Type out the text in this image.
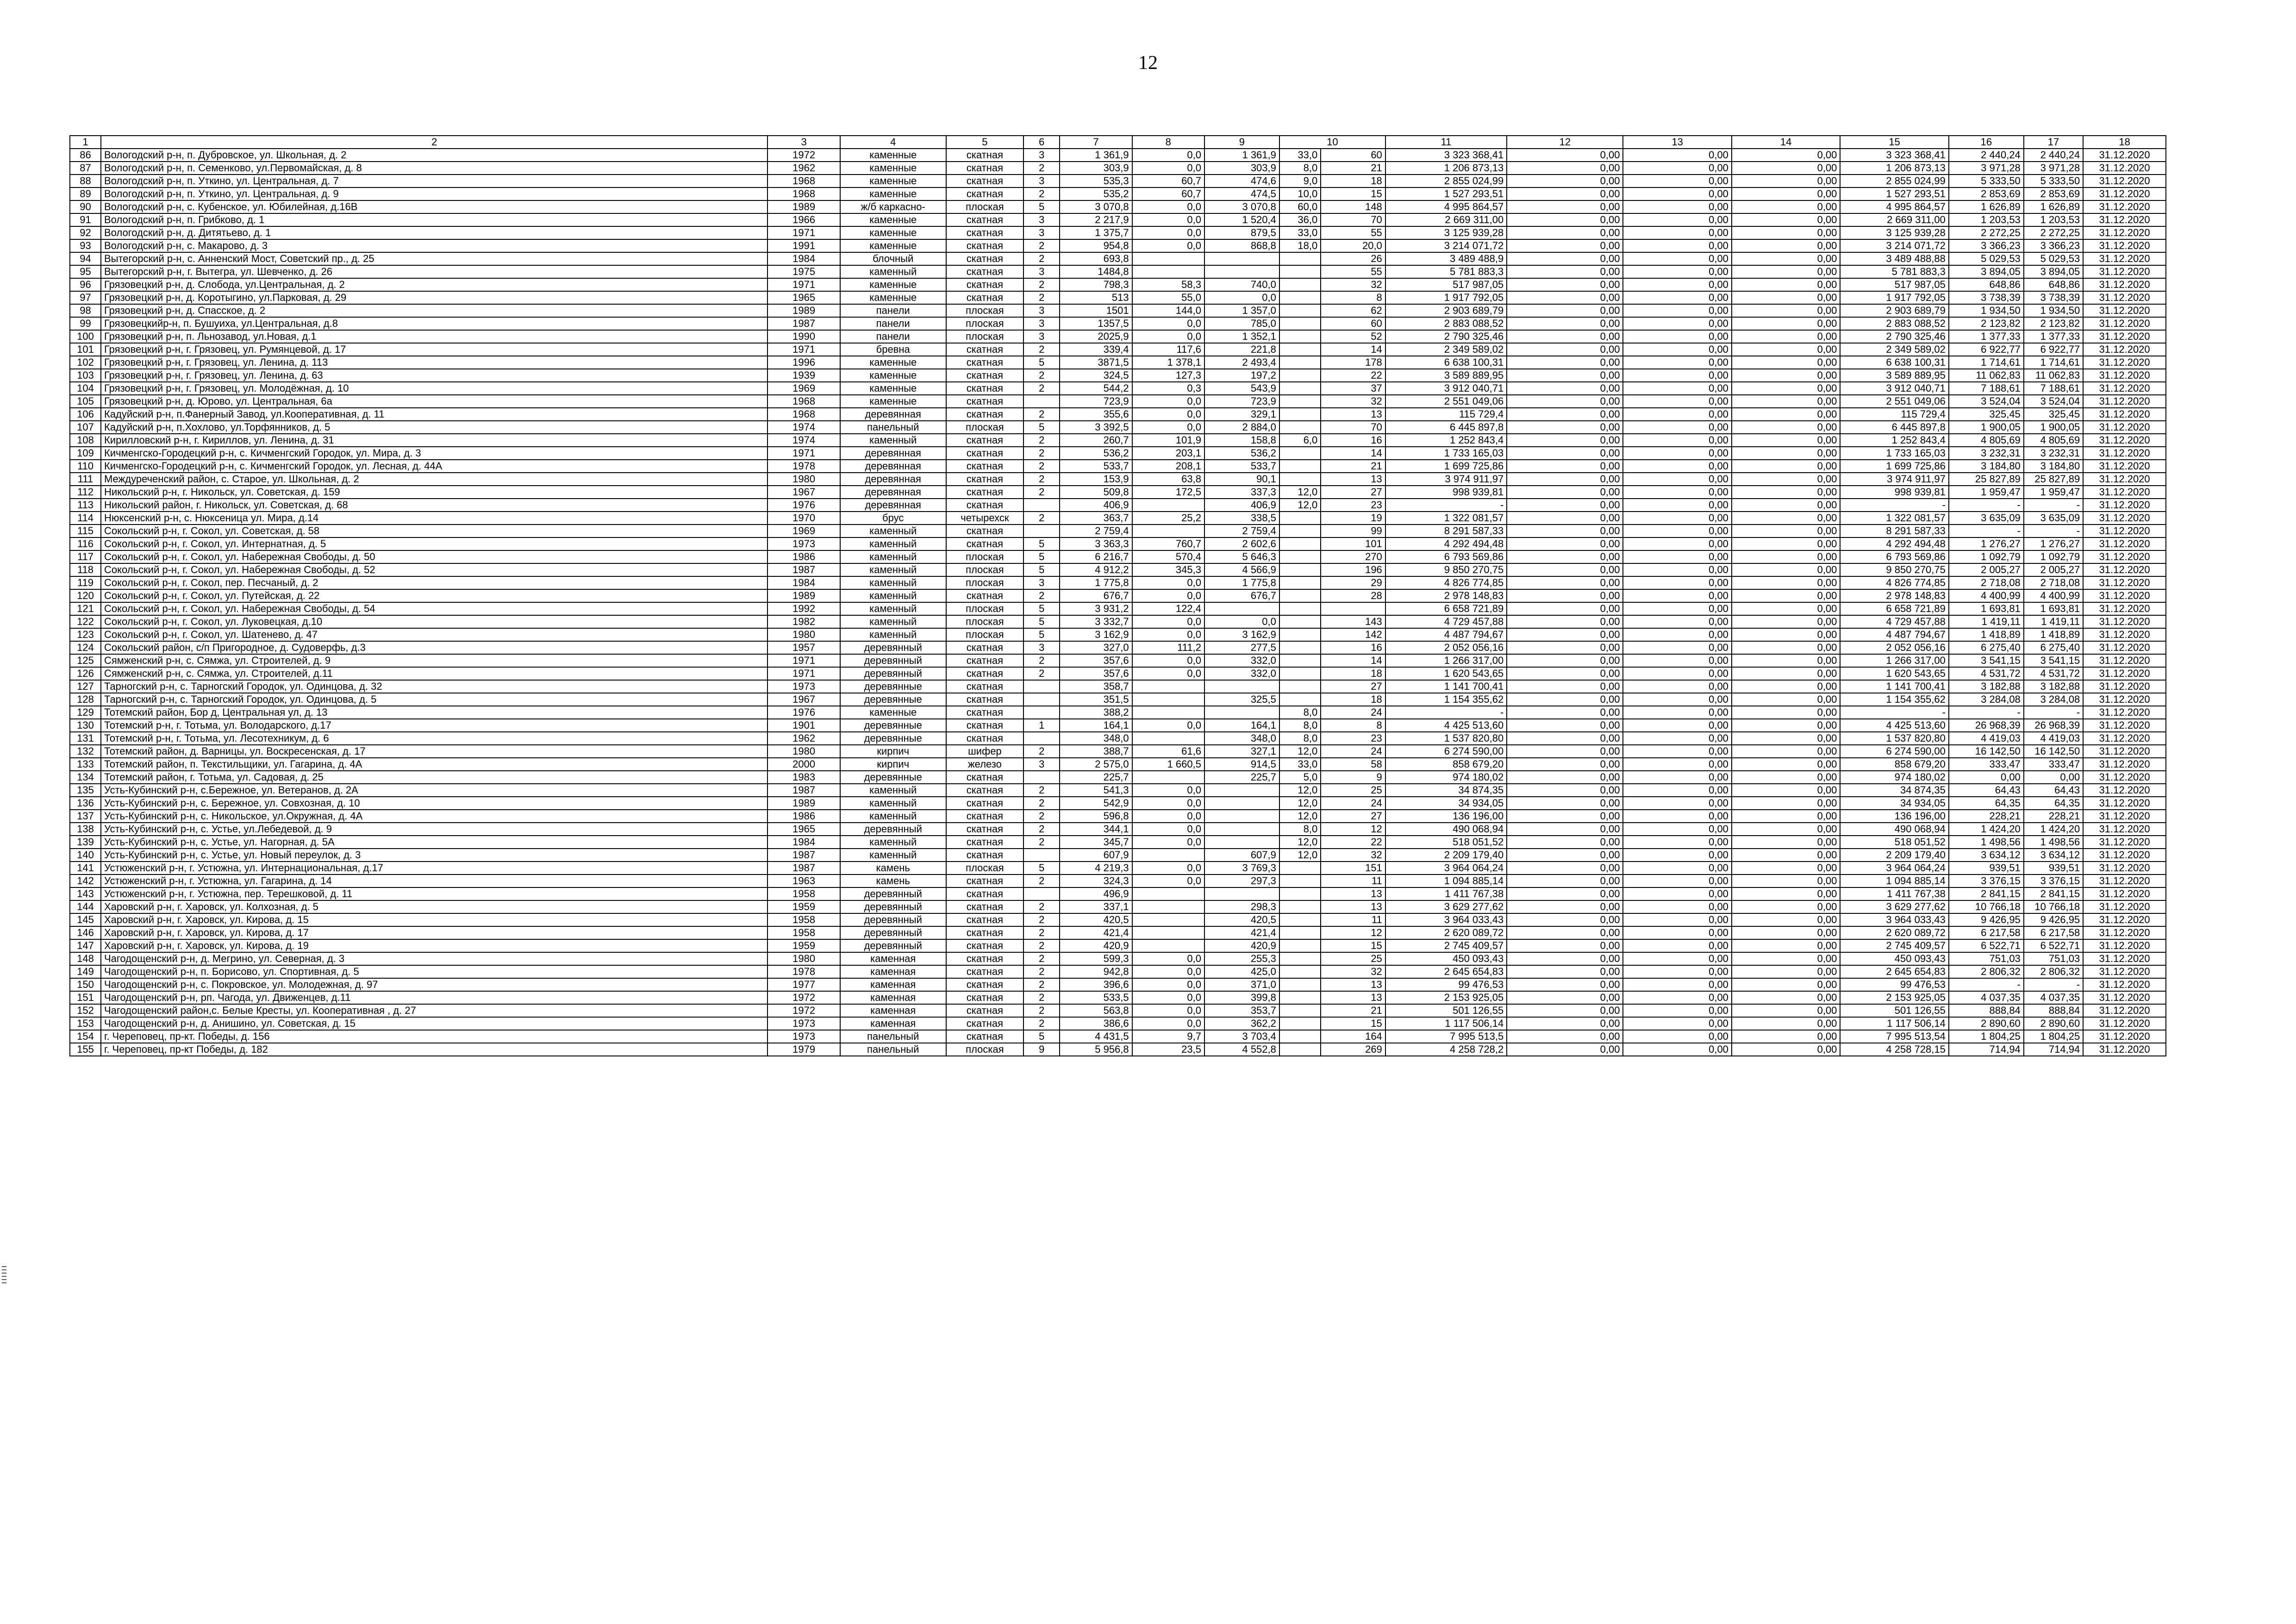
12
1	2	3	4	5	6	7	8	9	10		11	12	13	14	15	16	17	18
86	Вологодский р-н, п. Дубровское, ул. Школьная, д. 2	1972	каменные	скатная	3	1 361,9	0,0	1 361,9	33,0	60	3 323 368,41	0,00	0,00	0,00	3 323 368,41	2 440,24	2 440,24	31.12.2020
87	Вологодский р-н, п. Семенково, ул.Первомайская, д. 8	1962	каменные	скатная	2	303,9	0,0	303,9	8,0	21	1 206 873,13	0,00	0,00	0,00	1 206 873,13	3 971,28	3 971,28	31.12.2020
88	Вологодский р-н, п. Уткино, ул. Центральная, д. 7	1968	каменные	скатная	3	535,3	60,7	474,6	9,0	18	2 855 024,99	0,00	0,00	0,00	2 855 024,99	5 333,50	5 333,50	31.12.2020
89	Вологодский р-н, п. Уткино, ул. Центральная, д. 9	1968	каменные	скатная	2	535,2	60,7	474,5	10,0	15	1 527 293,51	0,00	0,00	0,00	1 527 293,51	2 853,69	2 853,69	31.12.2020
90	Вологодский р-н, с. Кубенское, ул. Юбилейная, д.16В	1989	ж/б каркасно-	плоская	5	3 070,8	0,0	3 070,8	60,0	148	4 995 864,57	0,00	0,00	0,00	4 995 864,57	1 626,89	1 626,89	31.12.2020
91	Вологодский р-н, п. Грибково, д. 1	1966	каменные	скатная	3	2 217,9	0,0	1 520,4	36,0	70	2 669 311,00	0,00	0,00	0,00	2 669 311,00	1 203,53	1 203,53	31.12.2020
92	Вологодский р-н, д. Дитятьево, д. 1	1971	каменные	скатная	3	1 375,7	0,0	879,5	33,0	55	3 125 939,28	0,00	0,00	0,00	3 125 939,28	2 272,25	2 272,25	31.12.2020
93	Вологодский р-н, с. Макарово, д. 3	1991	каменные	скатная	2	954,8	0,0	868,8	18,0	20,0	3 214 071,72	0,00	0,00	0,00	3 214 071,72	3 366,23	3 366,23	31.12.2020
94	Вытегорский р-н, с. Анненский Мост, Советский пр., д. 25	1984	блочный	скатная	2	693,8				26	3 489 488,9	0,00	0,00	0,00	3 489 488,88	5 029,53	5 029,53	31.12.2020
95	Вытегорский р-н, г. Вытегра, ул. Шевченко, д. 26	1975	каменный	скатная	3	1484,8				55	5 781 883,3	0,00	0,00	0,00	5 781 883,3	3 894,05	3 894,05	31.12.2020
96	Грязовецкий р-н, д. Слобода, ул.Центральная, д. 2	1971	каменные	скатная	2	798,3	58,3	740,0		32	517 987,05	0,00	0,00	0,00	517 987,05	648,86	648,86	31.12.2020
97	Грязовецкий р-н, д. Коротыгино, ул.Парковая, д. 29	1965	каменные	скатная	2	513	55,0	0,0		8	1 917 792,05	0,00	0,00	0,00	1 917 792,05	3 738,39	3 738,39	31.12.2020
98	Грязовецкий р-н, д. Спасское, д. 2	1989	панели	плоская	3	1501	144,0	1 357,0		62	2 903 689,79	0,00	0,00	0,00	2 903 689,79	1 934,50	1 934,50	31.12.2020
99	Грязовецкийр-н, п. Бушуиха, ул.Центральная, д.8	1987	панели	плоская	3	1357,5	0,0	785,0		60	2 883 088,52	0,00	0,00	0,00	2 883 088,52	2 123,82	2 123,82	31.12.2020
100	Грязовецкий р-н, п. Льнозавод, ул.Новая, д.1	1990	панели	плоская	3	2025,9	0,0	1 352,1		52	2 790 325,46	0,00	0,00	0,00	2 790 325,46	1 377,33	1 377,33	31.12.2020
101	Грязовецкий р-н, г. Грязовец, ул. Румянцевой, д. 17	1971	бревна	скатная	2	339,4	117,6	221,8		14	2 349 589,02	0,00	0,00	0,00	2 349 589,02	6 922,77	6 922,77	31.12.2020
102	Грязовецкий р-н, г. Грязовец, ул. Ленина, д. 113	1996	каменные	скатная	5	3871,5	1 378,1	2 493,4		178	6 638 100,31	0,00	0,00	0,00	6 638 100,31	1 714,61	1 714,61	31.12.2020
103	Грязовецкий р-н, г. Грязовец, ул. Ленина, д. 63	1939	каменные	скатная	2	324,5	127,3	197,2		22	3 589 889,95	0,00	0,00	0,00	3 589 889,95	11 062,83	11 062,83	31.12.2020
104	Грязовецкий р-н, г. Грязовец, ул. Молодёжная, д. 10	1969	каменные	скатная	2	544,2	0,3	543,9		37	3 912 040,71	0,00	0,00	0,00	3 912 040,71	7 188,61	7 188,61	31.12.2020
105	Грязовецкий р-н, д. Юрово, ул. Центральная, 6а	1968	каменные	скатная		723,9	0,0	723,9		32	2 551 049,06	0,00	0,00	0,00	2 551 049,06	3 524,04	3 524,04	31.12.2020
106	Кадуйский р-н, п.Фанерный Завод, ул.Кооперативная, д. 11	1968	деревянная	скатная	2	355,6	0,0	329,1		13	115 729,4	0,00	0,00	0,00	115 729,4	325,45	325,45	31.12.2020
107	Кадуйский р-н, п.Хохлово, ул.Торфянников, д. 5	1974	панельный	плоская	5	3 392,5	0,0	2 884,0		70	6 445 897,8	0,00	0,00	0,00	6 445 897,8	1 900,05	1 900,05	31.12.2020
108	Кирилловский р-н, г. Кириллов, ул. Ленина, д. 31	1974	каменный	скатная	2	260,7	101,9	158,8	6,0	16	1 252 843,4	0,00	0,00	0,00	1 252 843,4	4 805,69	4 805,69	31.12.2020
109	Кичменгско-Городецкий р-н, с. Кичменгский Городок, ул. Мира, д. 3	1971	деревянная	скатная	2	536,2	203,1	536,2		14	1 733 165,03	0,00	0,00	0,00	1 733 165,03	3 232,31	3 232,31	31.12.2020
110	Кичменгско-Городецкий р-н, с. Кичменгский Городок, ул. Лесная, д. 44А	1978	деревянная	скатная	2	533,7	208,1	533,7		21	1 699 725,86	0,00	0,00	0,00	1 699 725,86	3 184,80	3 184,80	31.12.2020
111	Междуреченский район, с. Старое, ул. Школьная, д. 2	1980	деревянная	скатная	2	153,9	63,8	90,1		13	3 974 911,97	0,00	0,00	0,00	3 974 911,97	25 827,89	25 827,89	31.12.2020
112	Никольский р-н, г. Никольск, ул. Советская, д. 159	1967	деревянная	скатная	2	509,8	172,5	337,3	12,0	27	998 939,81	0,00	0,00	0,00	998 939,81	1 959,47	1 959,47	31.12.2020
113	Никольский район, г. Никольск, ул. Советская, д. 68	1976	деревянная	скатная		406,9		406,9	12,0	23	-	0,00	0,00	0,00	-	-	-	31.12.2020
114	Нюксенский р-н, с. Нюксеница ул. Мира, д.14	1970	брус	четырехск	2	363,7	25,2	338,5		19	1 322 081,57	0,00	0,00	0,00	1 322 081,57	3 635,09	3 635,09	31.12.2020
115	Сокольский р-н, г. Сокол, ул. Советская, д. 58	1969	каменный	скатная		2 759,4		2 759,4		99	8 291 587,33	0,00	0,00	0,00	8 291 587,33	-	-	31.12.2020
116	Сокольский р-н, г. Сокол, ул. Интернатная, д. 5	1973	каменный	скатная	5	3 363,3	760,7	2 602,6		101	4 292 494,48	0,00	0,00	0,00	4 292 494,48	1 276,27	1 276,27	31.12.2020
117	Сокольский р-н, г. Сокол, ул. Набережная Свободы, д. 50	1986	каменный	плоская	5	6 216,7	570,4	5 646,3		270	6 793 569,86	0,00	0,00	0,00	6 793 569,86	1 092,79	1 092,79	31.12.2020
118	Сокольский р-н, г. Сокол, ул. Набережная Свободы, д. 52	1987	каменный	плоская	5	4 912,2	345,3	4 566,9		196	9 850 270,75	0,00	0,00	0,00	9 850 270,75	2 005,27	2 005,27	31.12.2020
119	Сокольский р-н, г. Сокол, пер. Песчаный, д. 2	1984	каменный	плоская	3	1 775,8	0,0	1 775,8		29	4 826 774,85	0,00	0,00	0,00	4 826 774,85	2 718,08	2 718,08	31.12.2020
120	Сокольский р-н, г. Сокол, ул. Путейская, д. 22	1989	каменный	скатная	2	676,7	0,0	676,7		28	2 978 148,83	0,00	0,00	0,00	2 978 148,83	4 400,99	4 400,99	31.12.2020
121	Сокольский р-н, г. Сокол, ул. Набережная Свободы, д. 54	1992	каменный	плоская	5	3 931,2	122,4				6 658 721,89	0,00	0,00	0,00	6 658 721,89	1 693,81	1 693,81	31.12.2020
122	Сокольский р-н, г. Сокол, ул. Луковецкая, д.10	1982	каменный	плоская	5	3 332,7	0,0	0,0		143	4 729 457,88	0,00	0,00	0,00	4 729 457,88	1 419,11	1 419,11	31.12.2020
123	Сокольский р-н, г. Сокол, ул. Шатенево, д. 47	1980	каменный	плоская	5	3 162,9	0,0	3 162,9		142	4 487 794,67	0,00	0,00	0,00	4 487 794,67	1 418,89	1 418,89	31.12.2020
124	Сокольский район, с/п Пригородное, д. Судоверфь, д.3	1957	деревянный	скатная	3	327,0	111,2	277,5		16	2 052 056,16	0,00	0,00	0,00	2 052 056,16	6 275,40	6 275,40	31.12.2020
125	Сямженский р-н, с. Сямжа, ул. Строителей, д. 9	1971	деревянный	скатная	2	357,6	0,0	332,0		14	1 266 317,00	0,00	0,00	0,00	1 266 317,00	3 541,15	3 541,15	31.12.2020
126	Сямженский р-н, с. Сямжа, ул. Строителей, д.11	1971	деревянный	скатная	2	357,6	0,0	332,0		18	1 620 543,65	0,00	0,00	0,00	1 620 543,65	4 531,72	4 531,72	31.12.2020
127	Тарногский р-н, с. Тарногский Городок, ул. Одинцова, д. 32	1973	деревянные	скатная		358,7				27	1 141 700,41	0,00	0,00	0,00	1 141 700,41	3 182,88	3 182,88	31.12.2020
128	Тарногский р-н, с. Тарногский Городок, ул. Одинцова, д. 5	1967	деревянные	скатная		351,5		325,5		18	1 154 355,62	0,00	0,00	0,00	1 154 355,62	3 284,08	3 284,08	31.12.2020
129	Тотемский район, Бор д, Центральная ул, д. 13	1976	каменные	скатная		388,2			8,0	24	-	0,00	0,00	0,00	-	-	-	31.12.2020
130	Тотемский р-н, г. Тотьма, ул. Володарского, д.17	1901	деревянные	скатная	1	164,1	0,0	164,1	8,0	8	4 425 513,60	0,00	0,00	0,00	4 425 513,60	26 968,39	26 968,39	31.12.2020
131	Тотемский р-н, г. Тотьма, ул. Лесотехникум, д. 6	1962	деревянные	скатная		348,0		348,0	8,0	23	1 537 820,80	0,00	0,00	0,00	1 537 820,80	4 419,03	4 419,03	31.12.2020
132	Тотемский район, д. Варницы, ул. Воскресенская, д. 17	1980	кирпич	шифер	2	388,7	61,6	327,1	12,0	24	6 274 590,00	0,00	0,00	0,00	6 274 590,00	16 142,50	16 142,50	31.12.2020
133	Тотемский район, п. Текстильщики, ул. Гагарина, д. 4А	2000	кирпич	железо	3	2 575,0	1 660,5	914,5	33,0	58	858 679,20	0,00	0,00	0,00	858 679,20	333,47	333,47	31.12.2020
134	Тотемский район, г. Тотьма, ул. Садовая, д. 25	1983	деревянные	скатная		225,7		225,7	5,0	9	974 180,02	0,00	0,00	0,00	974 180,02	0,00	0,00	31.12.2020
135	Усть-Кубинский р-н, с.Бережное, ул. Ветеранов, д. 2А	1987	каменный	скатная	2	541,3	0,0		12,0	25	34 874,35	0,00	0,00	0,00	34 874,35	64,43	64,43	31.12.2020
136	Усть-Кубинский р-н, с. Бережное, ул. Совхозная, д. 10	1989	каменный	скатная	2	542,9	0,0		12,0	24	34 934,05	0,00	0,00	0,00	34 934,05	64,35	64,35	31.12.2020
137	Усть-Кубинский р-н, с. Никольское, ул.Окружная, д. 4А	1986	каменный	скатная	2	596,8	0,0		12,0	27	136 196,00	0,00	0,00	0,00	136 196,00	228,21	228,21	31.12.2020
138	Усть-Кубинский р-н, с. Устье, ул.Лебедевой, д. 9	1965	деревянный	скатная	2	344,1	0,0		8,0	12	490 068,94	0,00	0,00	0,00	490 068,94	1 424,20	1 424,20	31.12.2020
139	Усть-Кубинский р-н, с. Устье, ул. Нагорная, д. 5А	1984	каменный	скатная	2	345,7	0,0		12,0	22	518 051,52	0,00	0,00	0,00	518 051,52	1 498,56	1 498,56	31.12.2020
140	Усть-Кубинский р-н, с. Устье, ул. Новый переулок, д. 3	1987	каменный	скатная		607,9		607,9	12,0	32	2 209 179,40	0,00	0,00	0,00	2 209 179,40	3 634,12	3 634,12	31.12.2020
141	Устюженский р-н, г. Устюжна, ул. Интернациональная, д.17	1987	камень	плоская	5	4 219,3	0,0	3 769,3		151	3 964 064,24	0,00	0,00	0,00	3 964 064,24	939,51	939,51	31.12.2020
142	Устюженский р-н, г. Устюжна, ул. Гагарина, д. 14	1963	камень	скатная	2	324,3	0,0	297,3		11	1 094 885,14	0,00	0,00	0,00	1 094 885,14	3 376,15	3 376,15	31.12.2020
143	Устюженский р-н, г. Устюжна, пер. Терешковой, д. 11	1958	деревянный	скатная		496,9				13	1 411 767,38	0,00	0,00	0,00	1 411 767,38	2 841,15	2 841,15	31.12.2020
144	Харовский р-н, г. Харовск, ул. Колхозная, д. 5	1959	деревянный	скатная	2	337,1		298,3		13	3 629 277,62	0,00	0,00	0,00	3 629 277,62	10 766,18	10 766,18	31.12.2020
145	Харовский р-н, г. Харовск, ул. Кирова, д. 15	1958	деревянный	скатная	2	420,5		420,5		11	3 964 033,43	0,00	0,00	0,00	3 964 033,43	9 426,95	9 426,95	31.12.2020
146	Харовский р-н, г. Харовск, ул. Кирова, д. 17	1958	деревянный	скатная	2	421,4		421,4		12	2 620 089,72	0,00	0,00	0,00	2 620 089,72	6 217,58	6 217,58	31.12.2020
147	Харовский р-н, г. Харовск, ул. Кирова, д. 19	1959	деревянный	скатная	2	420,9		420,9		15	2 745 409,57	0,00	0,00	0,00	2 745 409,57	6 522,71	6 522,71	31.12.2020
148	Чагодощенский р-н, д. Мегрино, ул. Северная, д. 3	1980	каменная	скатная	2	599,3	0,0	255,3		25	450 093,43	0,00	0,00	0,00	450 093,43	751,03	751,03	31.12.2020
149	Чагодощенский р-н, п. Борисово, ул. Спортивная, д. 5	1978	каменная	скатная	2	942,8	0,0	425,0		32	2 645 654,83	0,00	0,00	0,00	2 645 654,83	2 806,32	2 806,32	31.12.2020
150	Чагодощенский р-н, с. Покровское, ул. Молодежная, д. 97	1977	каменная	скатная	2	396,6	0,0	371,0		13	99 476,53	0,00	0,00	0,00	99 476,53	-	-	31.12.2020
151	Чагодощенский р-н, рп. Чагода, ул. Движенцев, д.11	1972	каменная	скатная	2	533,5	0,0	399,8		13	2 153 925,05	0,00	0,00	0,00	2 153 925,05	4 037,35	4 037,35	31.12.2020
152	Чагодощенский район,с. Белые Кресты, ул. Кооперативная , д. 27	1972	каменная	скатная	2	563,8	0,0	353,7		21	501 126,55	0,00	0,00	0,00	501 126,55	888,84	888,84	31.12.2020
153	Чагодощенский р-н, д. Анишино, ул. Советская, д. 15	1973	каменная	скатная	2	386,6	0,0	362,2		15	1 117 506,14	0,00	0,00	0,00	1 117 506,14	2 890,60	2 890,60	31.12.2020
154	г. Череповец, пр-кт. Победы, д. 156	1973	панельный	скатная	5	4 431,5	9,7	3 703,4		164	7 995 513,5	0,00	0,00	0,00	7 995 513,54	1 804,25	1 804,25	31.12.2020
155	г. Череповец, пр-кт Победы, д. 182	1979	панельный	плоская	9	5 956,8	23,5	4 552,8		269	4 258 728,2	0,00	0,00	0,00	4 258 728,15	714,94	714,94	31.12.2020
